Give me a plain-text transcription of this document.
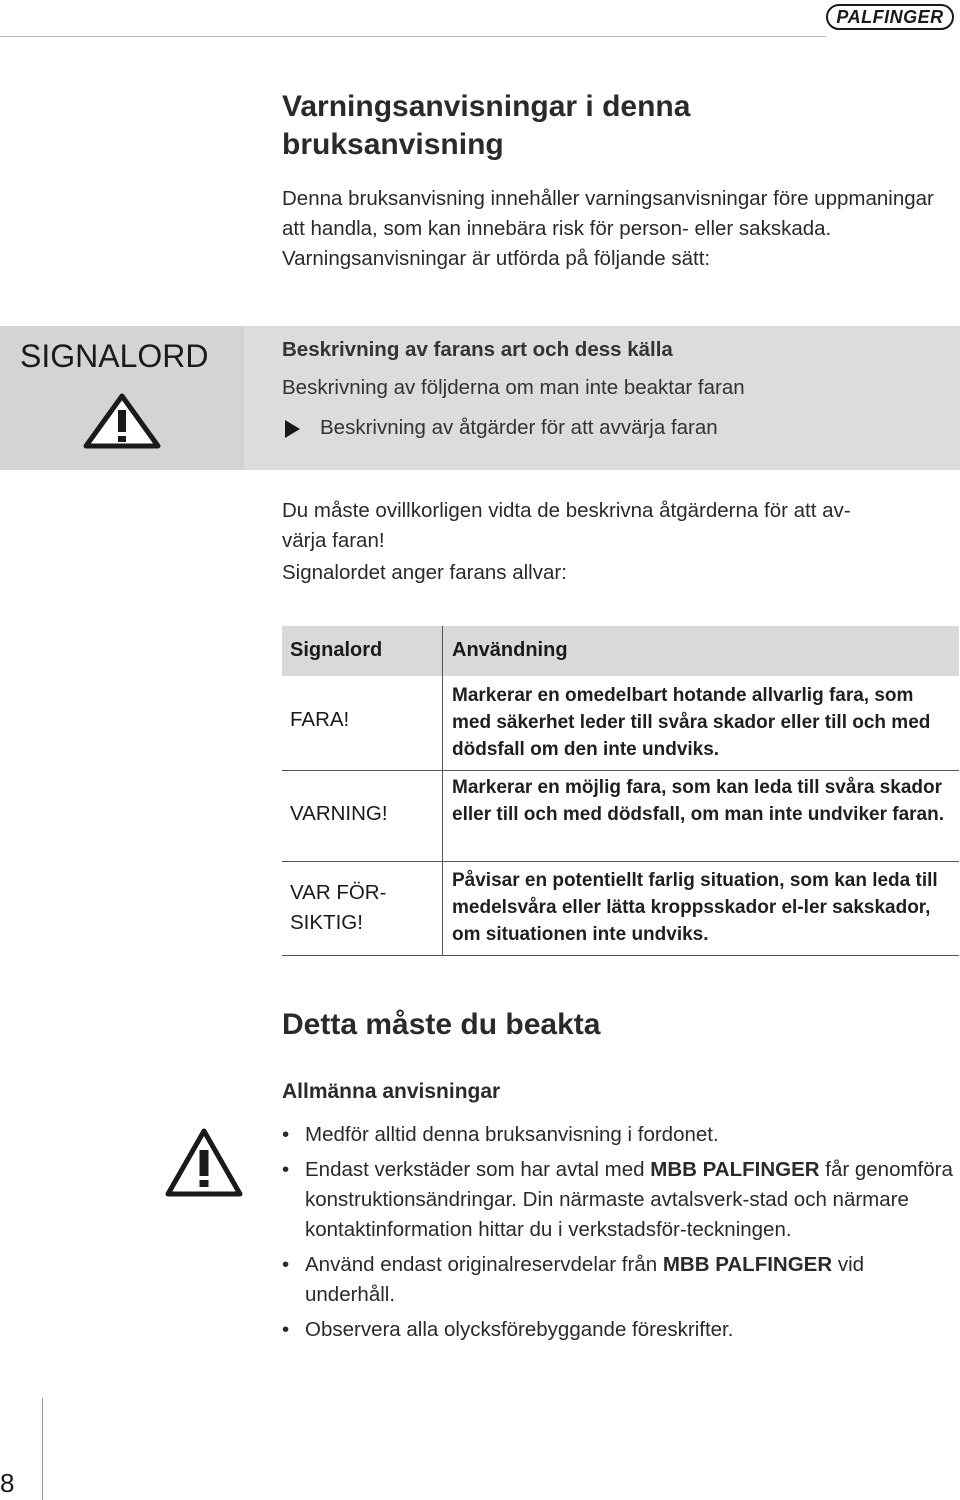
PALFINGER
Varningsanvisningar i denna bruksanvisning

Denna bruksanvisning innehåller varningsanvisningar före uppmaningar att handla, som kan innebära risk för person- eller sakskada.

Varningsanvisningar är utförda på följande sätt:

SIGNALORD	Beskrivning av farans art och dess källa
Beskrivning av följderna om man inte beaktar faran
Beskrivning av åtgärder för att avvärja faran

Du måste ovillkorligen vidta de beskrivna åtgärderna för att av-

värja faran!

Signalordet anger farans allvar:

Signalord	Användning
FARA!
Markerar en omedelbart hotande allvarlig fara, som med säkerhet leder till svåra skador eller till och med dödsfall om den inte undviks.
VARNING!
Markerar en möjlig fara, som kan leda till svåra skador eller till och med dödsfall, om man inte undviker faran.
VAR FÖR-
SIKTIG!
Påvisar en potentiellt farlig situation, som kan leda till medelsvåra eller lätta kroppsskador el-ler sakskador, om situationen inte undviks.
Detta måste du beakta
Allmänna anvisningar
• Medför alltid denna bruksanvisning i fordonet.
• Endast verkstäder som har avtal med MBB PALFINGER får genomföra konstruktionsändringar. Din närmaste avtalsverk-stad och närmare kontaktinformation hittar du i verkstadsför-teckningen.
• Använd endast originalreservdelar från MBB PALFINGER vid underhåll.
• Observera alla olycksförebyggande föreskrifter.
8
